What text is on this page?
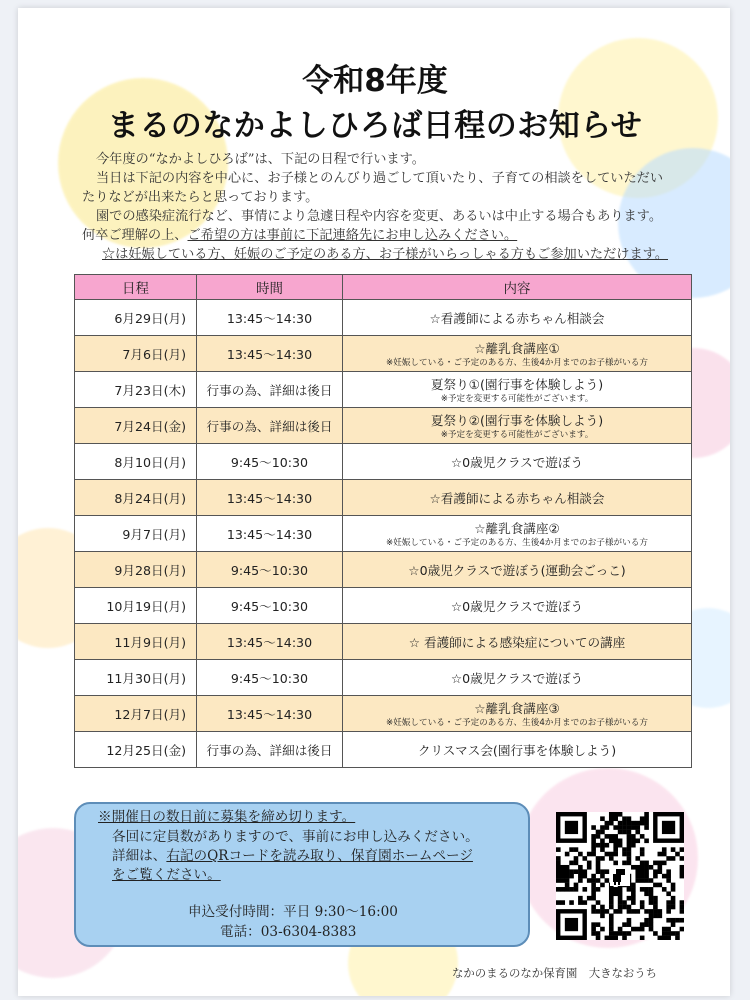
令和8年度
まるのなかよしひろば日程のお知らせ

今年度の“なかよしひろば”は、下記の日程で行います。

当日は下記の内容を中心に、お子様とのんびり過ごして頂いたり、子育ての相談をしていただい

たりなどが出来たらと思っております。

園での感染症流行など、事情により急遽日程や内容を変更、あるいは中止する場合もあります。

何卒ご理解の上、ご希望の方は事前に下記連絡先にお申し込みください。

☆は妊娠している方、妊娠のご予定のある方、お子様がいらっしゃる方もご参加いただけます。

日程	時間	内容
6月29日(月)	13:45～14:30	☆看護師による赤ちゃん相談会
7月6日(月)	13:45～14:30	☆離乳食講座①
※妊娠している・ご予定のある方、生後4か月までのお子様がいる方

7月23日(木)	行事の為、詳細は後日	夏祭り①(園行事を体験しよう)
※予定を変更する可能性がございます。

7月24日(金)	行事の為、詳細は後日	夏祭り②(園行事を体験しよう)
※予定を変更する可能性がございます。

8月10日(月)	9:45～10:30	☆0歳児クラスで遊ぼう
8月24日(月)	13:45～14:30	☆看護師による赤ちゃん相談会
9月7日(月)	13:45～14:30	☆離乳食講座②
※妊娠している・ご予定のある方、生後4か月までのお子様がいる方

9月28日(月)	9:45～10:30	☆0歳児クラスで遊ぼう(運動会ごっこ)
10月19日(月)	9:45～10:30	☆0歳児クラスで遊ぼう
11月9日(月)	13:45～14:30	☆ 看護師による感染症についての講座
11月30日(月)	9:45～10:30	☆0歳児クラスで遊ぼう
12月7日(月)	13:45～14:30	☆離乳食講座③
※妊娠している・ご予定のある方、生後4か月までのお子様がいる方

12月25日(金)	行事の為、詳細は後日	クリスマス会(園行事を体験しよう)
※開催日の数日前に募集を締め切ります。
各回に定員数がありますので、事前にお申し込みください。
詳細は、右記のQRコードを読み取り、保育園ホームページ
をご覧ください。
申込受付時間：平日 9:30～16:00
電話：03-6304-8383
なかのまるのなか保育園　大きなおうち
